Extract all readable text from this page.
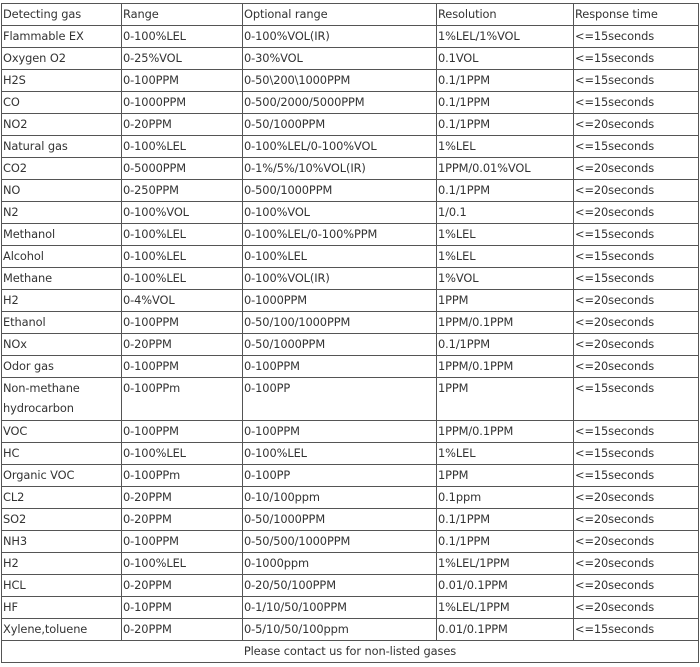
Detecting gas	Range	Optional range	Resolution	Response time
Flammable EX	0-100%LEL	0-100%VOL(IR)	1%LEL/1%VOL	<=15seconds
Oxygen O2	0-25%VOL	0-30%VOL	0.1VOL	<=15seconds
H2S	0-100PPM	0-50\200\1000PPM	0.1/1PPM	<=15seconds
CO	0-1000PPM	0-500/2000/5000PPM	0.1/1PPM	<=15seconds
NO2	0-20PPM	0-50/1000PPM	0.1/1PPM	<=20seconds
Natural gas	0-100%LEL	0-100%LEL/0-100%VOL	1%LEL	<=15seconds
CO2	0-5000PPM	0-1%/5%/10%VOL(IR)	1PPM/0.01%VOL	<=20seconds
NO	0-250PPM	0-500/1000PPM	0.1/1PPM	<=20seconds
N2	0-100%VOL	0-100%VOL	1/0.1	<=20seconds
Methanol	0-100%LEL	0-100%LEL/0-100%PPM	1%LEL	<=15seconds
Alcohol	0-100%LEL	0-100%LEL	1%LEL	<=15seconds
Methane	0-100%LEL	0-100%VOL(IR)	1%VOL	<=15seconds
H2	0-4%VOL	0-1000PPM	1PPM	<=20seconds
Ethanol	0-100PPM	0-50/100/1000PPM	1PPM/0.1PPM	<=20seconds
NOx	0-20PPM	0-50/1000PPM	0.1/1PPM	<=20seconds
Odor gas	0-100PPM	0-100PPM	1PPM/0.1PPM	<=20seconds
Non-methane hydrocarbon	0-100PPm	0-100PP	1PPM	<=15seconds
VOC	0-100PPM	0-100PPM	1PPM/0.1PPM	<=15seconds
HC	0-100%LEL	0-100%LEL	1%LEL	<=15seconds
Organic VOC	0-100PPm	0-100PP	1PPM	<=15seconds
CL2	0-20PPM	0-10/100ppm	0.1ppm	<=20seconds
SO2	0-20PPM	0-50/1000PPM	0.1/1PPM	<=20seconds
NH3	0-100PPM	0-50/500/1000PPM	0.1/1PPM	<=20seconds
H2	0-100%LEL	0-1000ppm	1%LEL/1PPM	<=20seconds
HCL	0-20PPM	0-20/50/100PPM	0.01/0.1PPM	<=20seconds
HF	0-10PPM	0-1/10/50/100PPM	1%LEL/1PPM	<=20seconds
Xylene,toluene	0-20PPM	0-5/10/50/100ppm	0.01/0.1PPM	<=15seconds
Please contact us for non-listed gases				
